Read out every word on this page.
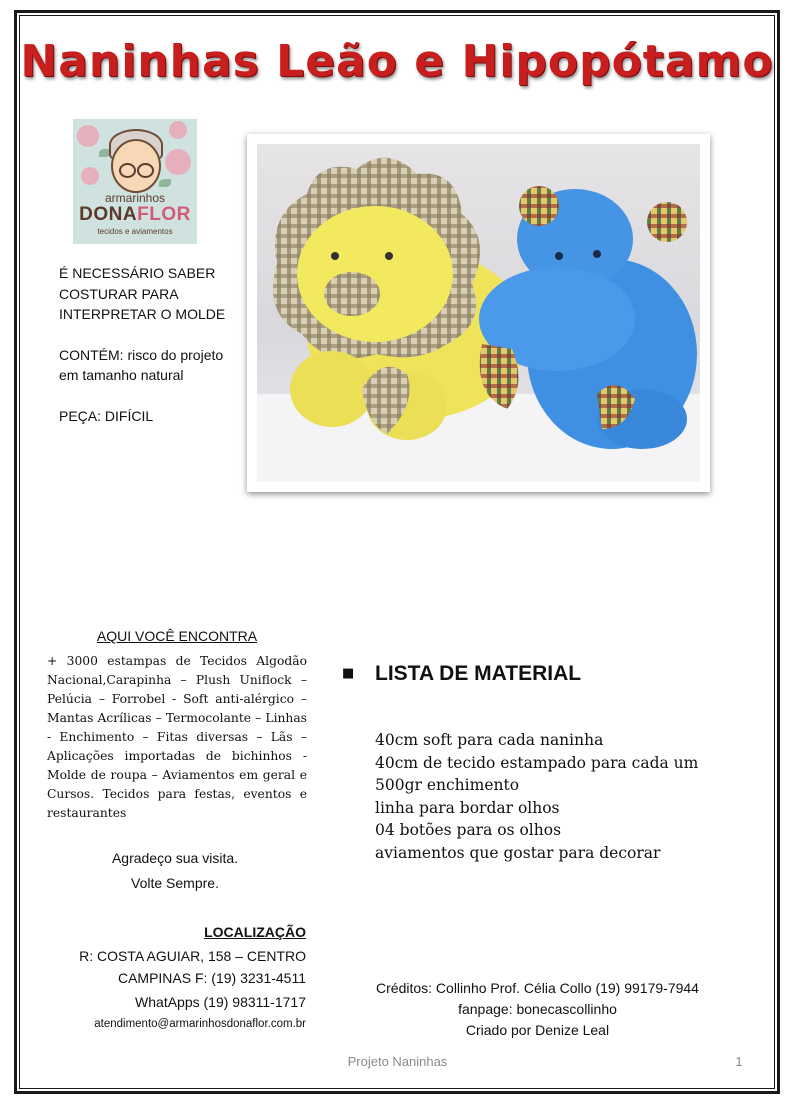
Naninhas Leão e Hipopótamo
armarinhos
DONAFLOR
tecidos e aviamentos

É NECESSÁRIO SABER COSTURAR PARA INTERPRETAR O MOLDE

CONTÉM: risco do projeto em tamanho natural

PEÇA: DIFÍCIL

AQUI VOCÊ ENCONTRA
+ 3000 estampas de Tecidos Algodão Nacional,Carapinha – Plush Uniflock – Pelúcia – Forrobel - Soft anti-alérgico – Mantas Acrílicas – Termocolante – Linhas - Enchimento – Fitas diversas – Lãs – Aplicações importadas de bichinhos - Molde de roupa – Aviamentos em geral e Cursos. Tecidos para festas, eventos e restaurantes
Agradeço sua visita.
Volte Sempre.
LOCALIZAÇÃO
R: COSTA AGUIAR, 158 – CENTRO
CAMPINAS F: (19) 3231-4511
WhatApps (19) 98311-1717
atendimento@armarinhosdonaflor.com.br
■ LISTA DE MATERIAL
40cm soft para cada naninha
40cm de tecido estampado para cada um
500gr enchimento
linha para bordar olhos
04 botões para os olhos
aviamentos que gostar para decorar
Créditos: Collinho Prof. Célia Collo (19) 99179-7944
fanpage: bonecascollinho
Criado por Denize Leal
Projeto Naninhas	1
